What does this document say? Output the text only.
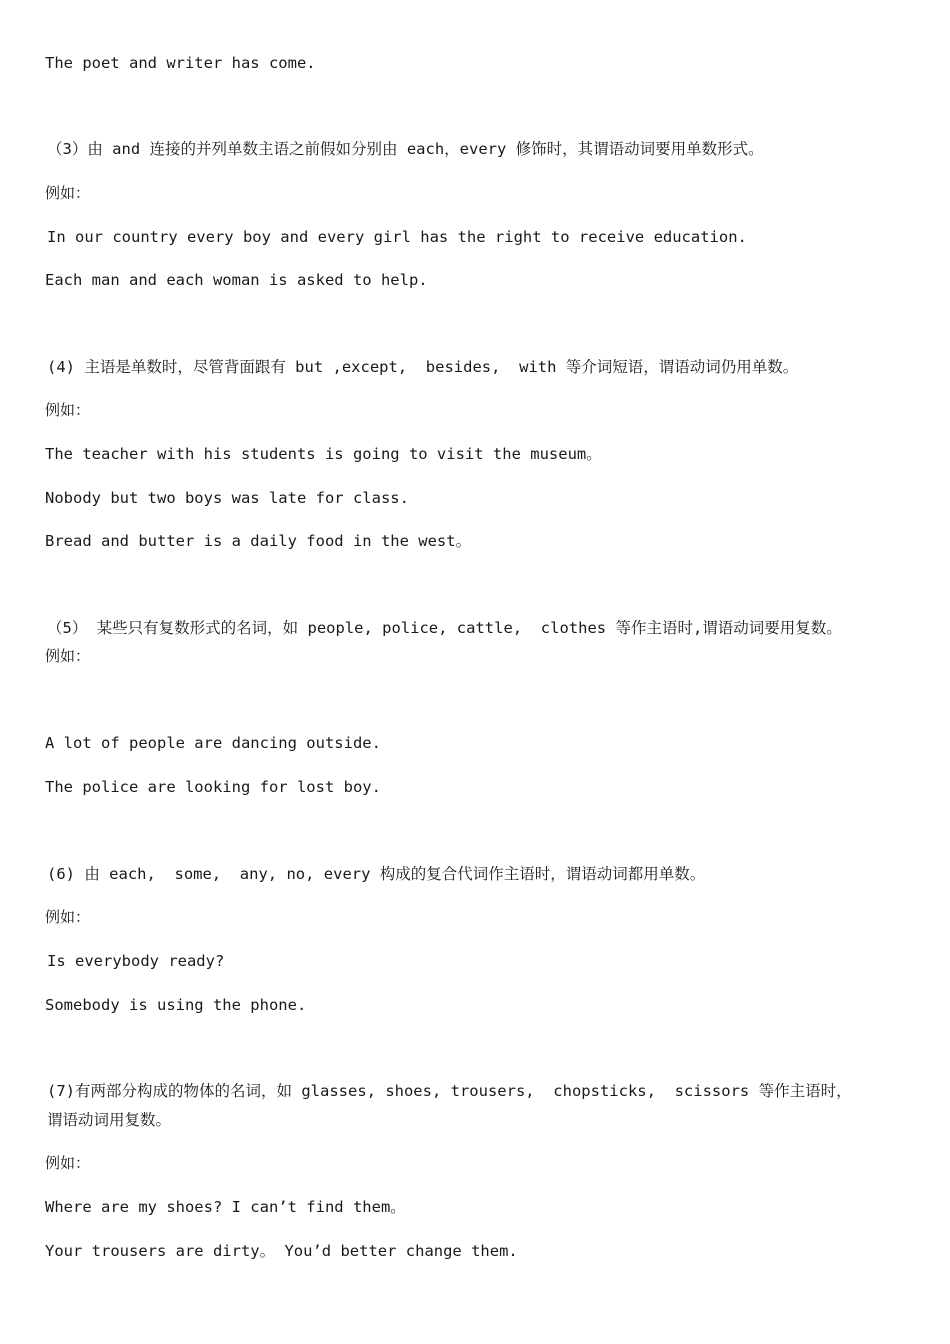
The poet and writer has come.
（3）由 and 连接的并列单数主语之前假如分别由 each，every 修饰时，其谓语动词要用单数形式。
例如：
In our country every boy and every girl has the right to receive education.
Each man and each woman is asked to help.
(4) 主语是单数时，尽管背面跟有 but ,except,  besides,  with 等介词短语，谓语动词仍用单数。
例如：
The teacher with his students is going to visit the museum。
Nobody but two boys was late for class.
Bread and butter is a daily food in the west。
（5） 某些只有复数形式的名词，如 people, police, cattle,  clothes 等作主语时,谓语动词要用复数。
例如：
A lot of people are dancing outside.
The police are looking for lost boy.
(6) 由 each,  some,  any, no, every 构成的复合代词作主语时，谓语动词都用单数。
例如：
Is everybody ready?
Somebody is using the phone.
(7)有两部分构成的物体的名词，如 glasses, shoes, trousers,  chopsticks,  scissors 等作主语时，
谓语动词用复数。
例如：
Where are my shoes? I can’t find them。
Your trousers are dirty。 You’d better change them.
